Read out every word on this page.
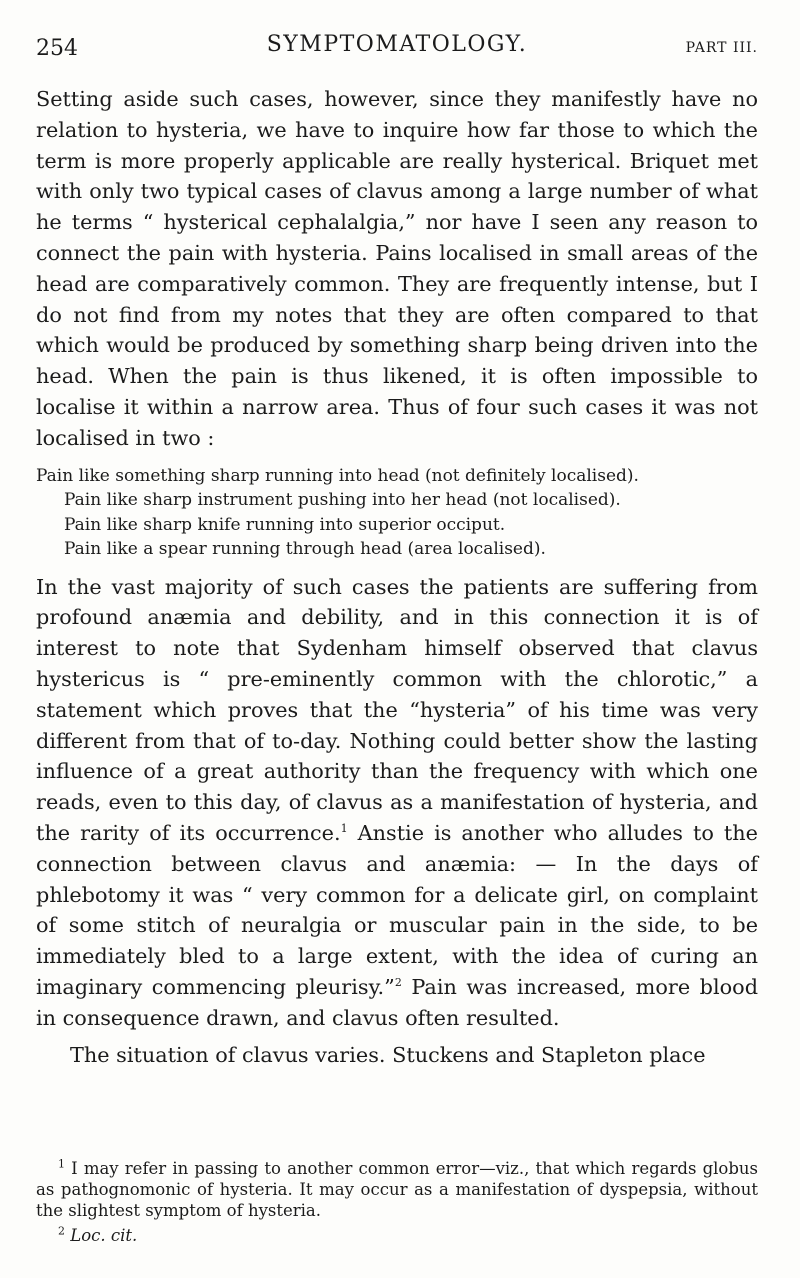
254	SYMPTOMATOLOGY.	PART III.

Setting aside such cases, however, since they manifestly have no relation to hysteria, we have to inquire how far those to which the term is more properly applicable are really hysterical. Briquet met with only two typical cases of clavus among a large number of what he terms “ hysterical cephalalgia,” nor have I seen any reason to connect the pain with hysteria. Pains localised in small areas of the head are comparatively common. They are frequently intense, but I do not find from my notes that they are often compared to that which would be produced by something sharp being driven into the head. When the pain is thus likened, it is often impossible to localise it within a narrow area. Thus of four such cases it was not localised in two :

Pain like something sharp running into head (not definitely localised).

Pain like sharp instrument pushing into her head (not localised).

Pain like sharp knife running into superior occiput.

Pain like a spear running through head (area localised).

In the vast majority of such cases the patients are suffering from profound anæmia and debility, and in this connection it is of interest to note that Sydenham himself observed that clavus hystericus is “ pre-eminently common with the chlorotic,” a statement which proves that the “hysteria” of his time was very different from that of to-day. Nothing could better show the lasting influence of a great authority than the frequency with which one reads, even to this day, of clavus as a manifestation of hysteria, and the rarity of its occurrence.$^1$ Anstie is another who alludes to the connection between clavus and anæmia: — In the days of phlebotomy it was “ very common for a delicate girl, on complaint of some stitch of neuralgia or muscular pain in the side, to be immediately bled to a large extent, with the idea of curing an imaginary commencing pleurisy.”$^2$ Pain was increased, more blood in consequence drawn, and clavus often resulted.

The situation of clavus varies. Stuckens and Stapleton place

$^1$ I may refer in passing to another common error—viz., that which regards globus as pathognomonic of hysteria. It may occur as a manifestation of dyspepsia, without the slightest symptom of hysteria.

$^2$ Loc. cit.
